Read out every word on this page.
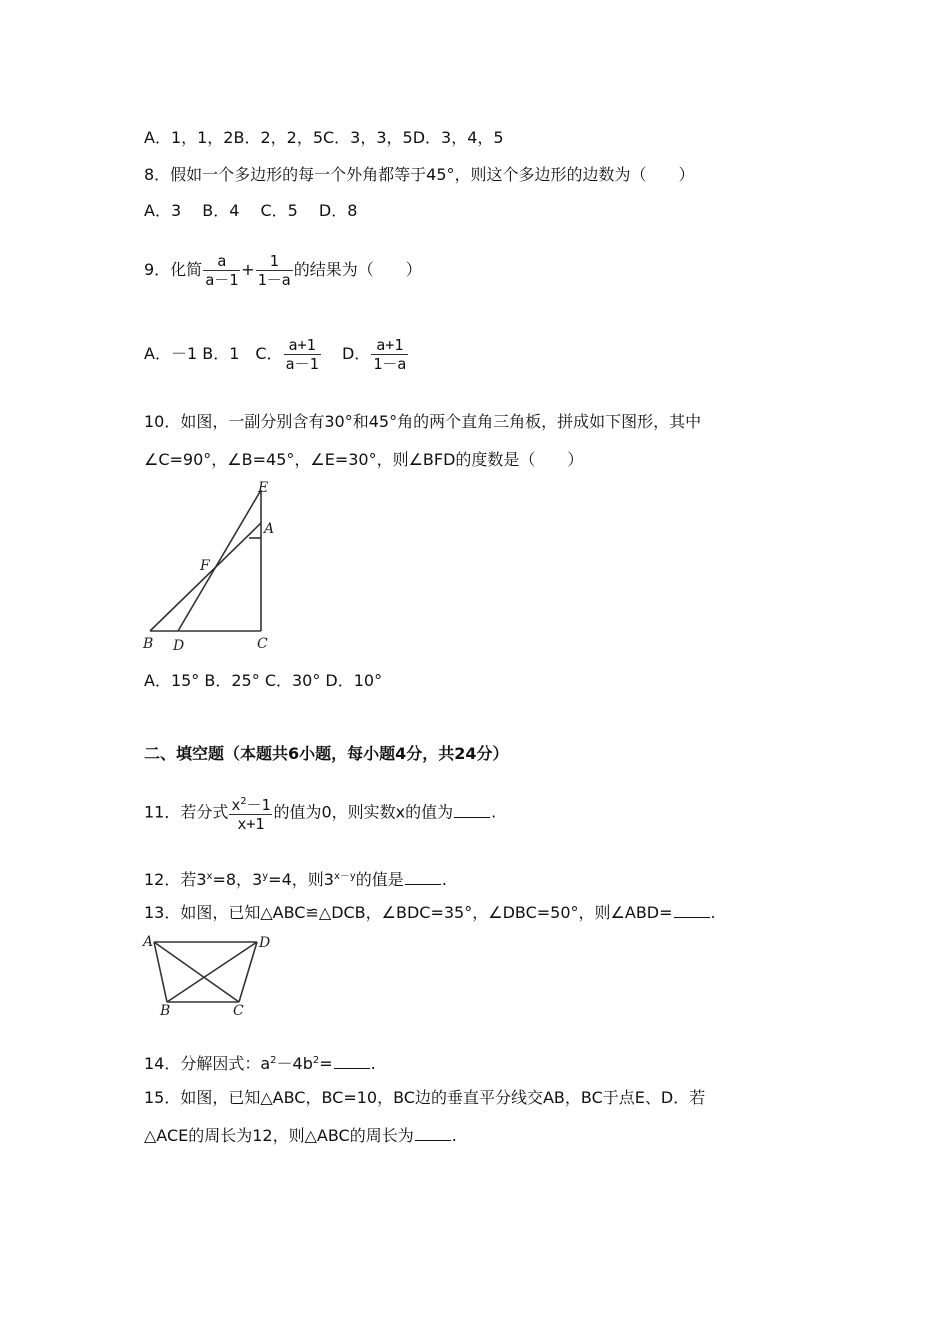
A．1，1，2B．2，2，5C．3，3，5D．3，4，5
8．假如一个多边形的每一个外角都等于45°，则这个多边形的边数为（　　）
A．3　 B．4　 C．5　 D．8
9．化简 $\frac{a}{a-1} + \frac{1}{1-a}$ 的结果为（　　）
A．－1 B．1　C． $\frac{a+1}{a-1}$ D． $\frac{a+1}{1-a}$
10．如图，一副分别含有30°和45°角的两个直角三角板，拼成如下图形，其中
∠C=90°，∠B=45°，∠E=30°，则∠BFD的度数是（　　）
E
A
F
B D	C
A．15° B．25° C．30° D．10°
二、填空题（本题共6小题，每小题4分，共24分）
11．若分式 $\frac{x^2-1}{x+1}$ 的值为0，则实数x的值为 .
12．若$3^x=8$，$3^y=4$，则$3^{x-y}$的值是 .
13．如图，已知△ABC≌△DCB，∠BDC=35°，∠DBC=50°，则∠ABD= .
A	D
B	C
14．分解因式：$a^2-4b^2=$ .
15．如图，已知△ABC，BC=10，BC边的垂直平分线交AB，BC于点E、D．若
△ACE的周长为12，则△ABC的周长为 .
